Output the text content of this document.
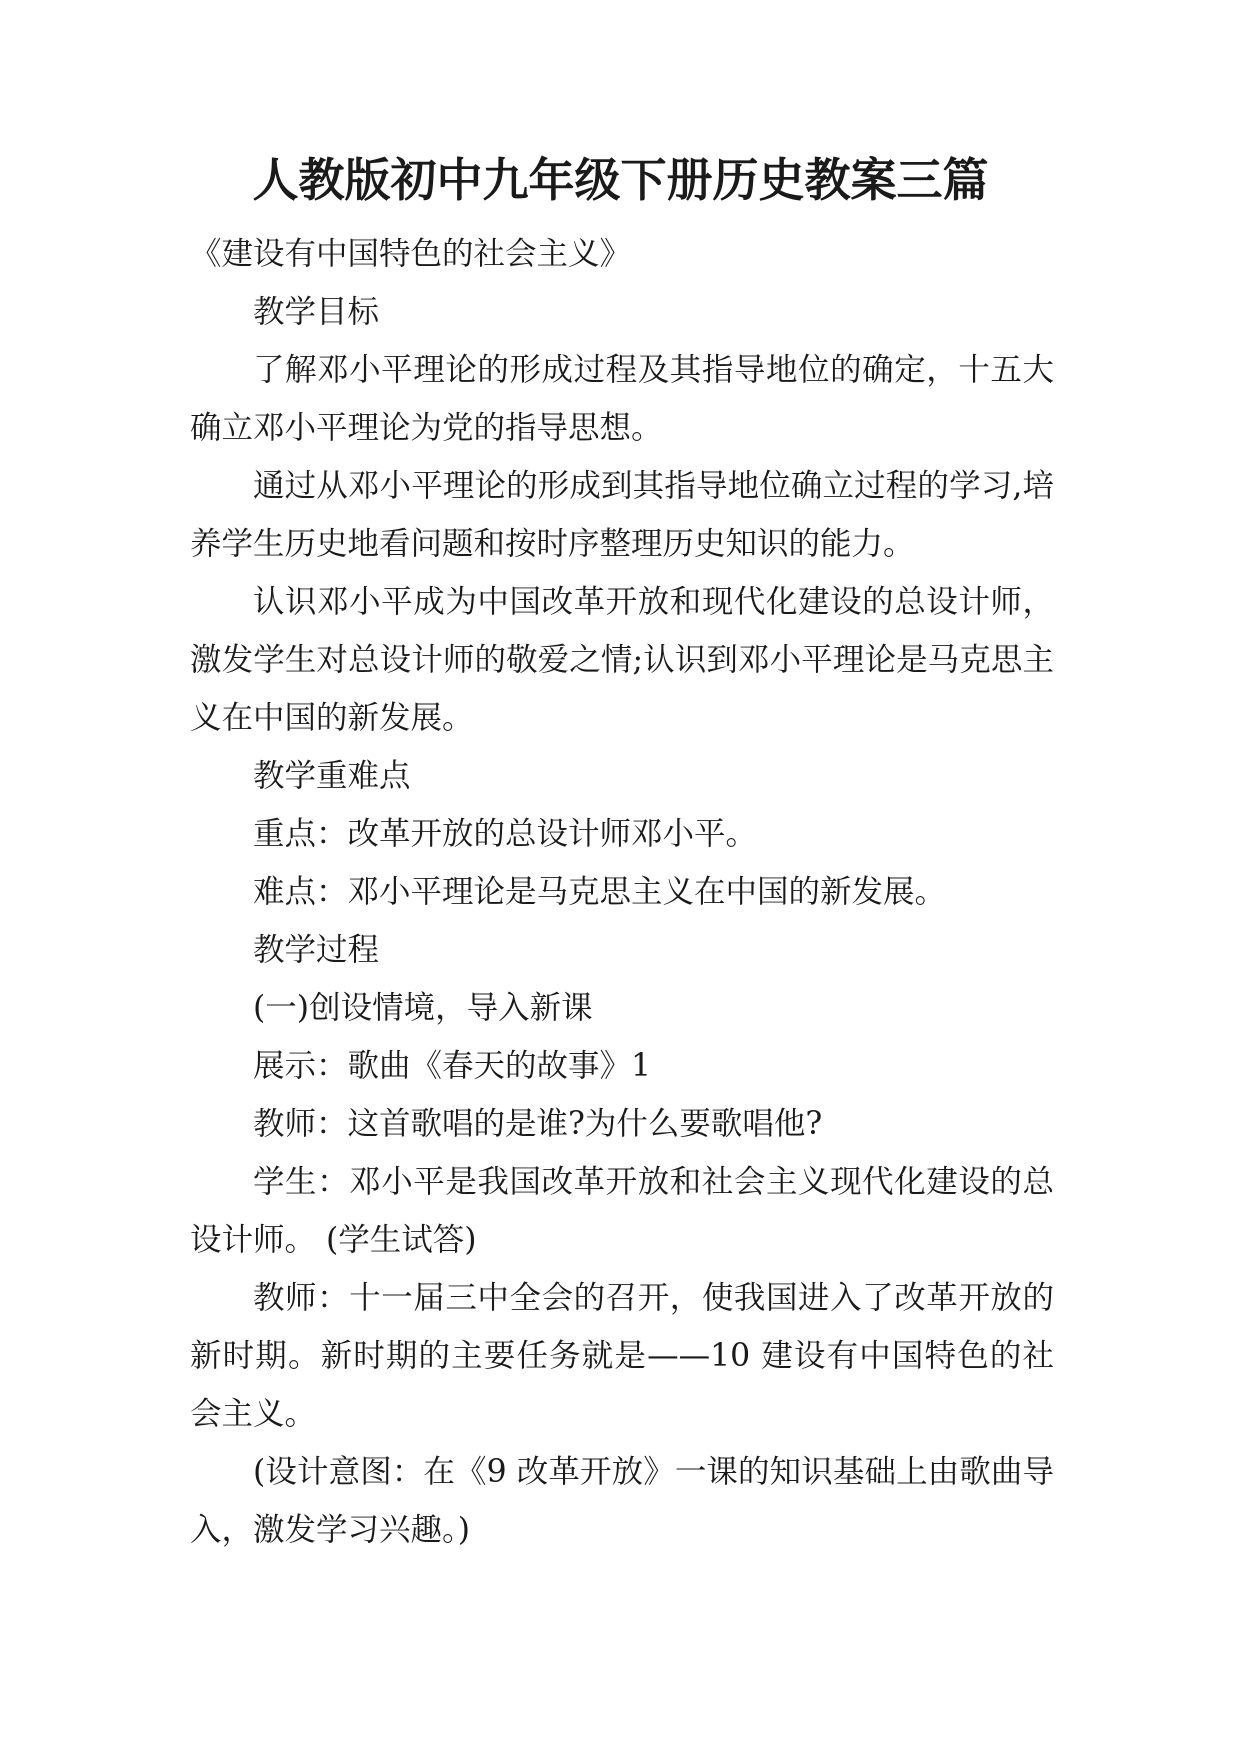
人教版初中九年级下册历史教案三篇

《建设有中国特色的社会主义》

教学目标

了解邓小平理论的形成过程及其指导地位的确定，十五大确立邓小平理论为党的指导思想。

通过从邓小平理论的形成到其指导地位确立过程的学习,培养学生历史地看问题和按时序整理历史知识的能力。

认识邓小平成为中国改革开放和现代化建设的总设计师，激发学生对总设计师的敬爱之情;认识到邓小平理论是马克思主义在中国的新发展。

教学重难点

重点：改革开放的总设计师邓小平。

难点：邓小平理论是马克思主义在中国的新发展。

教学过程

(一)创设情境，导入新课

展示：歌曲《春天的故事》1

教师：这首歌唱的是谁?为什么要歌唱他?

学生：邓小平是我国改革开放和社会主义现代化建设的总设计师。 (学生试答)

教师：十一届三中全会的召开，使我国进入了改革开放的新时期。新时期的主要任务就是——10 建设有中国特色的社会主义。

(设计意图：在《9 改革开放》一课的知识基础上由歌曲导入，激发学习兴趣。)
